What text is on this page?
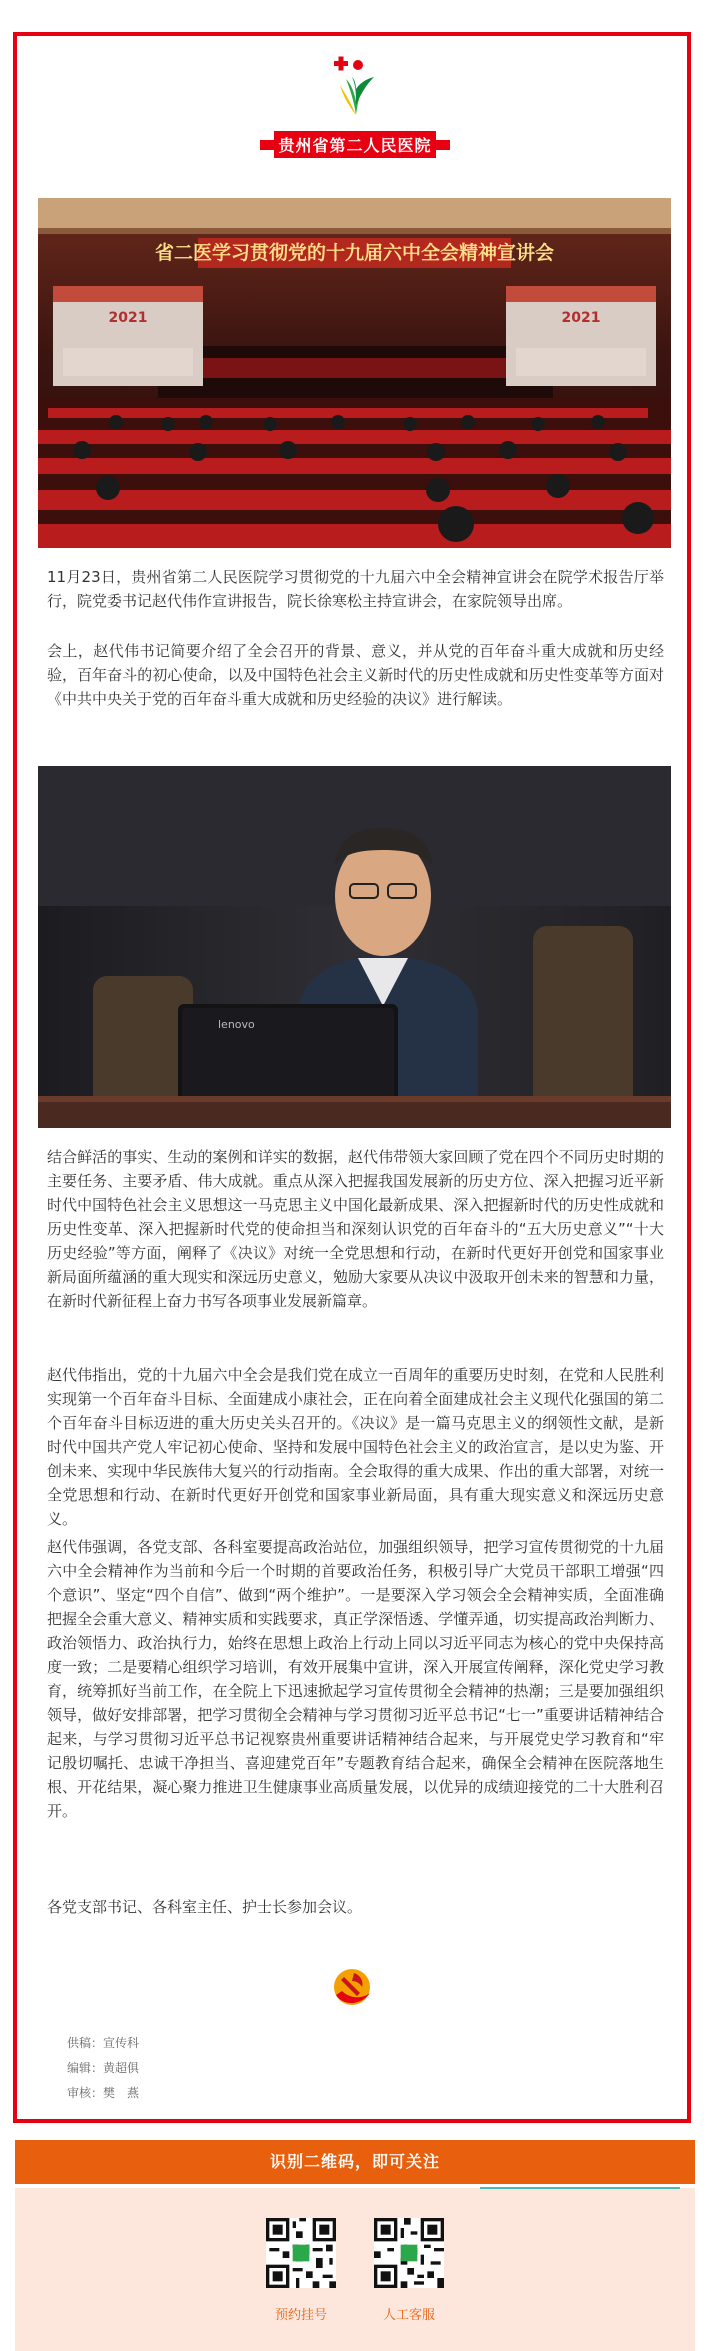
贵州省第二人民医院
省二医学习贯彻党的十九届六中全会精神宣讲会
2021	2021

11月23日，贵州省第二人民医院学习贯彻党的十九届六中全会精神宣讲会在院学术报告厅举行，院党委书记赵代伟作宣讲报告，院长徐寒松主持宣讲会，在家院领导出席。

会上，赵代伟书记简要介绍了全会召开的背景、意义，并从党的百年奋斗重大成就和历史经验，百年奋斗的初心使命，以及中国特色社会主义新时代的历史性成就和历史性变革等方面对《中共中央关于党的百年奋斗重大成就和历史经验的决议》进行解读。

lenovo

结合鲜活的事实、生动的案例和详实的数据，赵代伟带领大家回顾了党在四个不同历史时期的主要任务、主要矛盾、伟大成就。重点从深入把握我国发展新的历史方位、深入把握习近平新时代中国特色社会主义思想这一马克思主义中国化最新成果、深入把握新时代的历史性成就和历史性变革、深入把握新时代党的使命担当和深刻认识党的百年奋斗的“五大历史意义”“十大历史经验”等方面，阐释了《决议》对统一全党思想和行动，在新时代更好开创党和国家事业新局面所蕴涵的重大现实和深远历史意义，勉励大家要从决议中汲取开创未来的智慧和力量，在新时代新征程上奋力书写各项事业发展新篇章。

赵代伟指出，党的十九届六中全会是我们党在成立一百周年的重要历史时刻，在党和人民胜利实现第一个百年奋斗目标、全面建成小康社会，正在向着全面建成社会主义现代化强国的第二个百年奋斗目标迈进的重大历史关头召开的。《决议》是一篇马克思主义的纲领性文献，是新时代中国共产党人牢记初心使命、坚持和发展中国特色社会主义的政治宣言，是以史为鉴、开创未来、实现中华民族伟大复兴的行动指南。全会取得的重大成果、作出的重大部署，对统一全党思想和行动、在新时代更好开创党和国家事业新局面，具有重大现实意义和深远历史意义。

赵代伟强调，各党支部、各科室要提高政治站位，加强组织领导，把学习宣传贯彻党的十九届六中全会精神作为当前和今后一个时期的首要政治任务，积极引导广大党员干部职工增强“四个意识”、坚定“四个自信”、做到“两个维护”。一是要深入学习领会全会精神实质，全面准确把握全会重大意义、精神实质和实践要求，真正学深悟透、学懂弄通，切实提高政治判断力、政治领悟力、政治执行力，始终在思想上政治上行动上同以习近平同志为核心的党中央保持高度一致；二是要精心组织学习培训，有效开展集中宣讲，深入开展宣传阐释，深化党史学习教育，统筹抓好当前工作，在全院上下迅速掀起学习宣传贯彻全会精神的热潮；三是要加强组织领导，做好安排部署，把学习贯彻全会精神与学习贯彻习近平总书记“七一”重要讲话精神结合起来，与学习贯彻习近平总书记视察贵州重要讲话精神结合起来，与开展党史学习教育和“牢记殷切嘱托、忠诚干净担当、喜迎建党百年”专题教育结合起来，确保全会精神在医院落地生根、开花结果，凝心聚力推进卫生健康事业高质量发展，以优异的成绩迎接党的二十大胜利召开。

各党支部书记、各科室主任、护士长参加会议。

供稿：宣传科
编辑：黄超俱
审核：樊　燕
识别二维码，即可关注
预约挂号	人工客服
